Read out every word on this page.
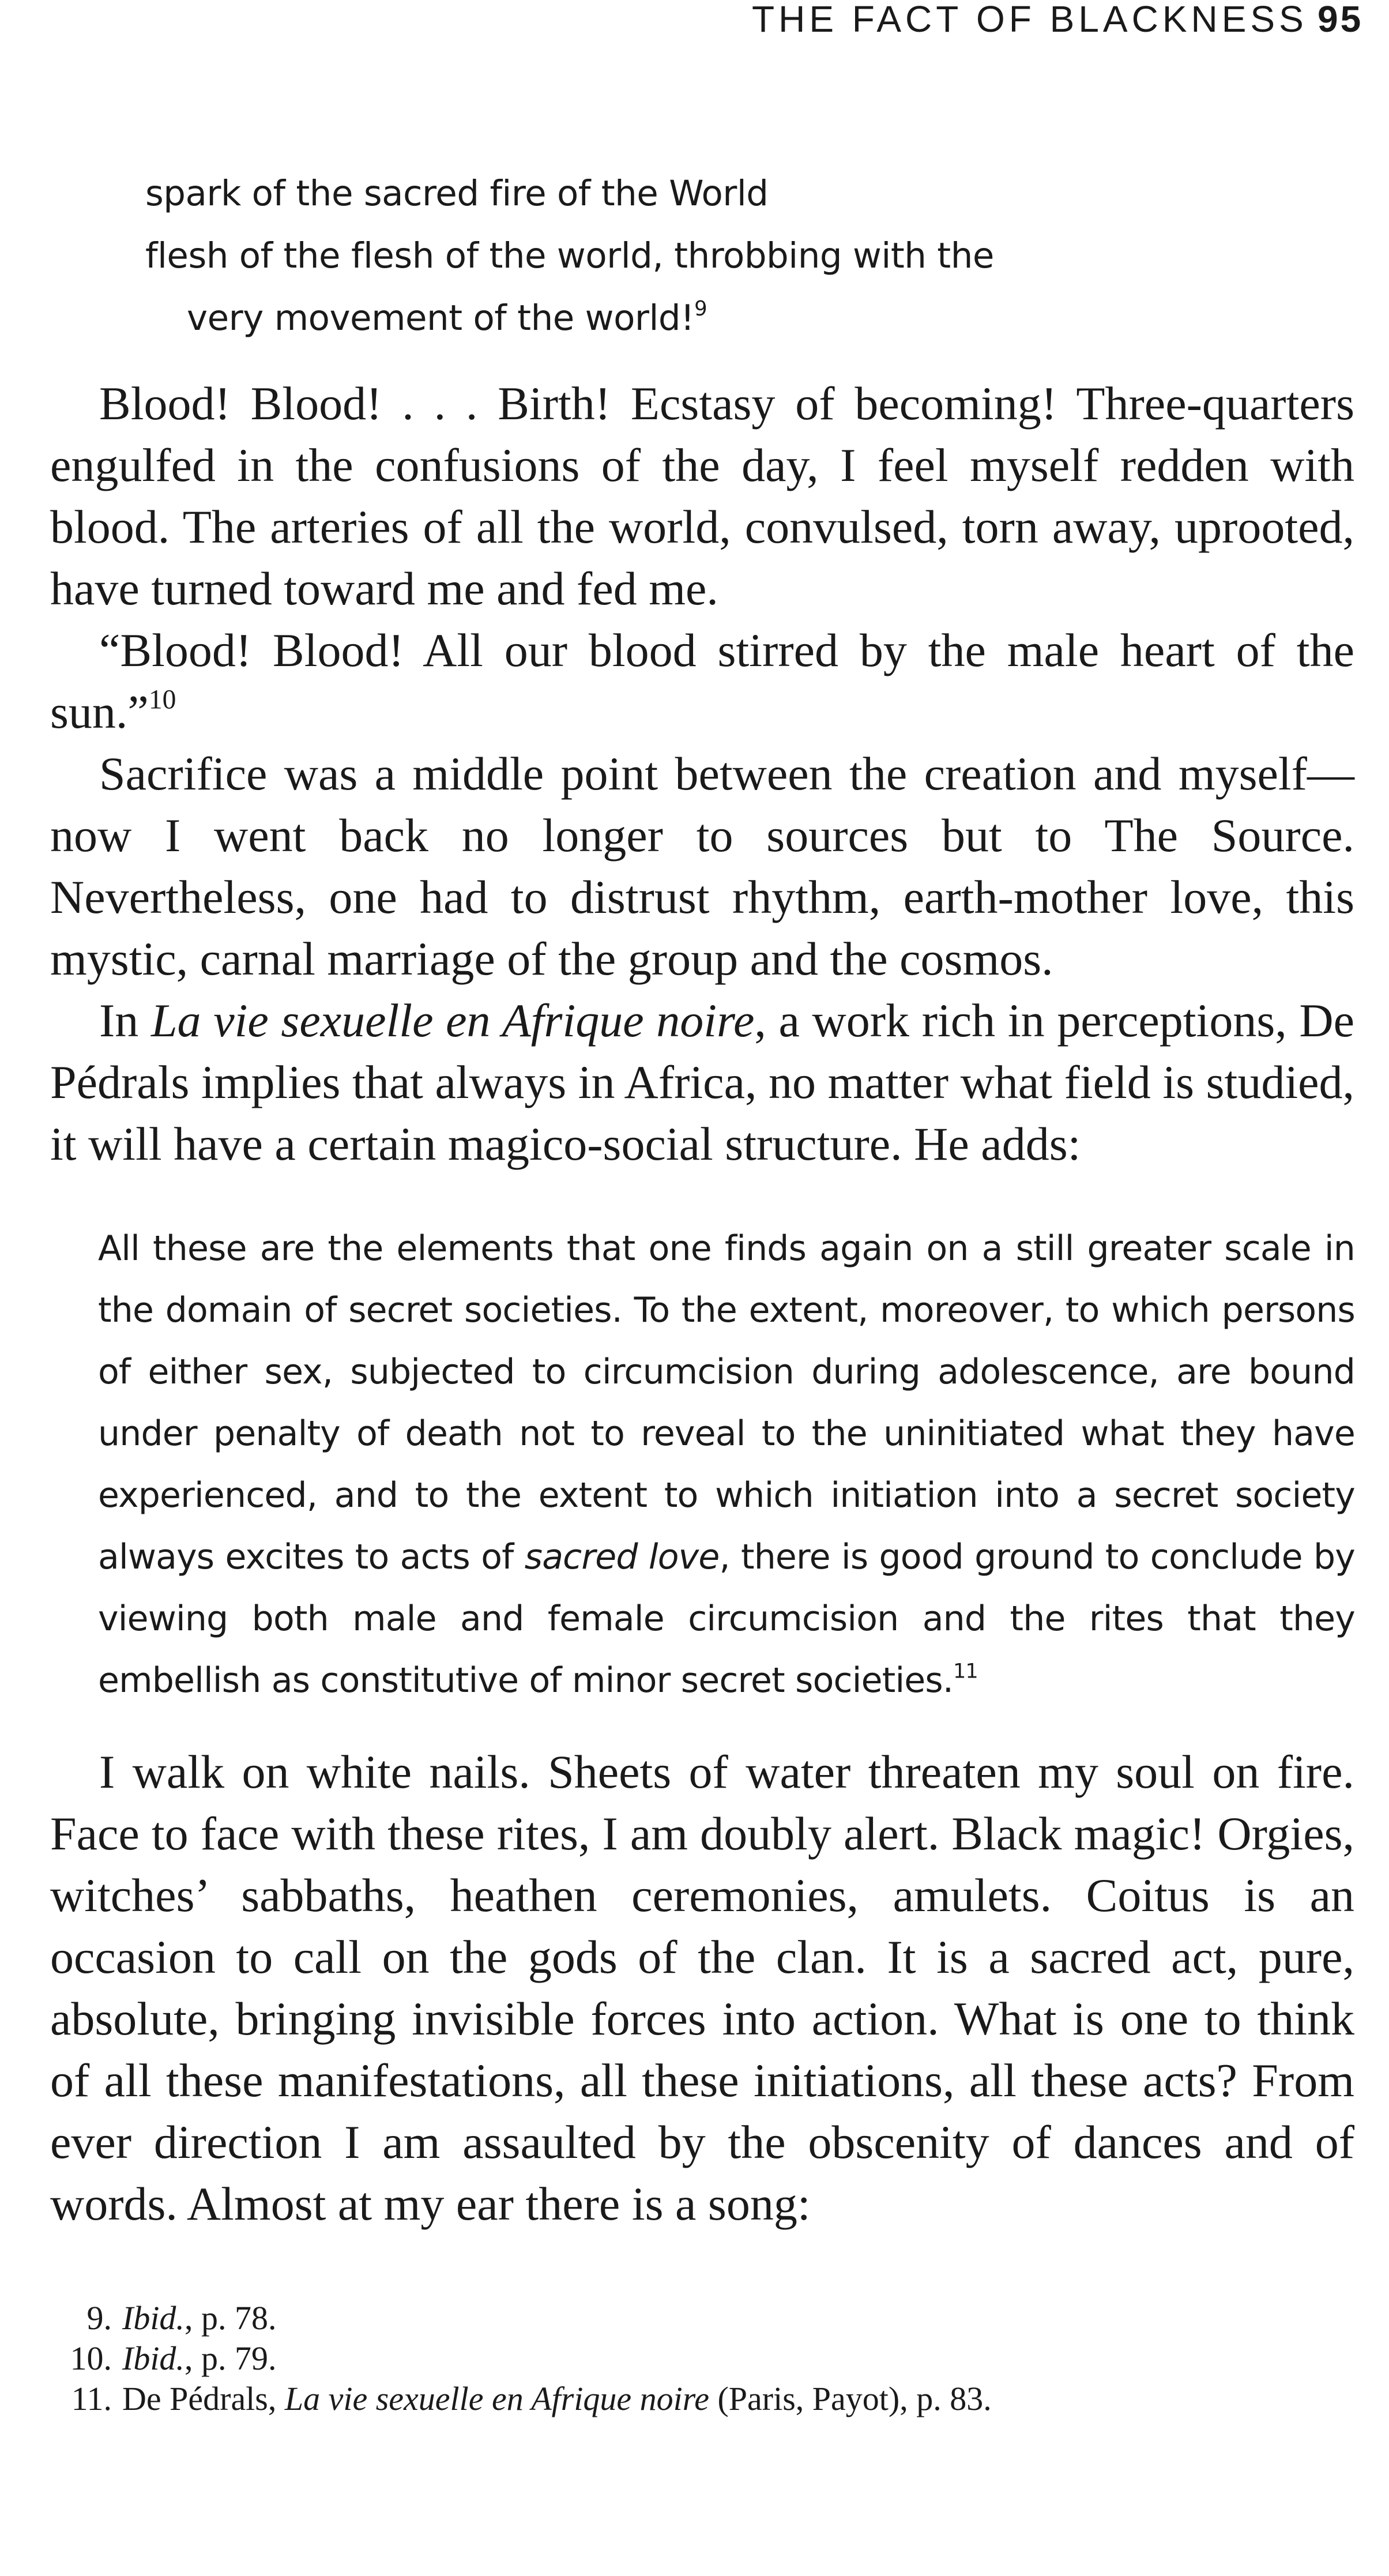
THE FACT OF BLACKNESS 95
spark of the sacred fire of the World
flesh of the flesh of the world, throbbing with the
very movement of the world!$^9$

Blood! Blood! . . . Birth! Ecstasy of becoming! Three-quarters engulfed in the confusions of the day, I feel myself redden with blood. The arteries of all the world, convulsed, torn away, uprooted, have turned toward me and fed me.

“Blood! Blood! All our blood stirred by the male heart of the sun.”$^{10}$

Sacrifice was a middle point between the creation and myself—now I went back no longer to sources but to The Source. Nevertheless, one had to distrust rhythm, earth-mother love, this mystic, carnal marriage of the group and the cosmos.

In La vie sexuelle en Afrique noire, a work rich in perceptions, De Pédrals implies that always in Africa, no matter what field is studied, it will have a certain magico-social structure. He adds:

All these are the elements that one finds again on a still greater scale in the domain of secret societies. To the extent, moreover, to which persons of either sex, subjected to circumcision during adolescence, are bound under penalty of death not to reveal to the uninitiated what they have experienced, and to the extent to which initiation into a secret society always excites to acts of sacred love, there is good ground to conclude by viewing both male and female circumcision and the rites that they embellish as constitutive of minor secret societies.$^{11}$

I walk on white nails. Sheets of water threaten my soul on fire. Face to face with these rites, I am doubly alert. Black magic! Orgies, witches’ sabbaths, heathen ceremonies, amulets. Coitus is an occasion to call on the gods of the clan. It is a sacred act, pure, absolute, bringing invisible forces into action. What is one to think of all these manifestations, all these initiations, all these acts? From ever direction I am assaulted by the obscenity of dances and of words. Almost at my ear there is a song:

9. Ibid., p. 78.
10. Ibid., p. 79.
11. De Pédrals, La vie sexuelle en Afrique noire (Paris, Payot), p. 83.
